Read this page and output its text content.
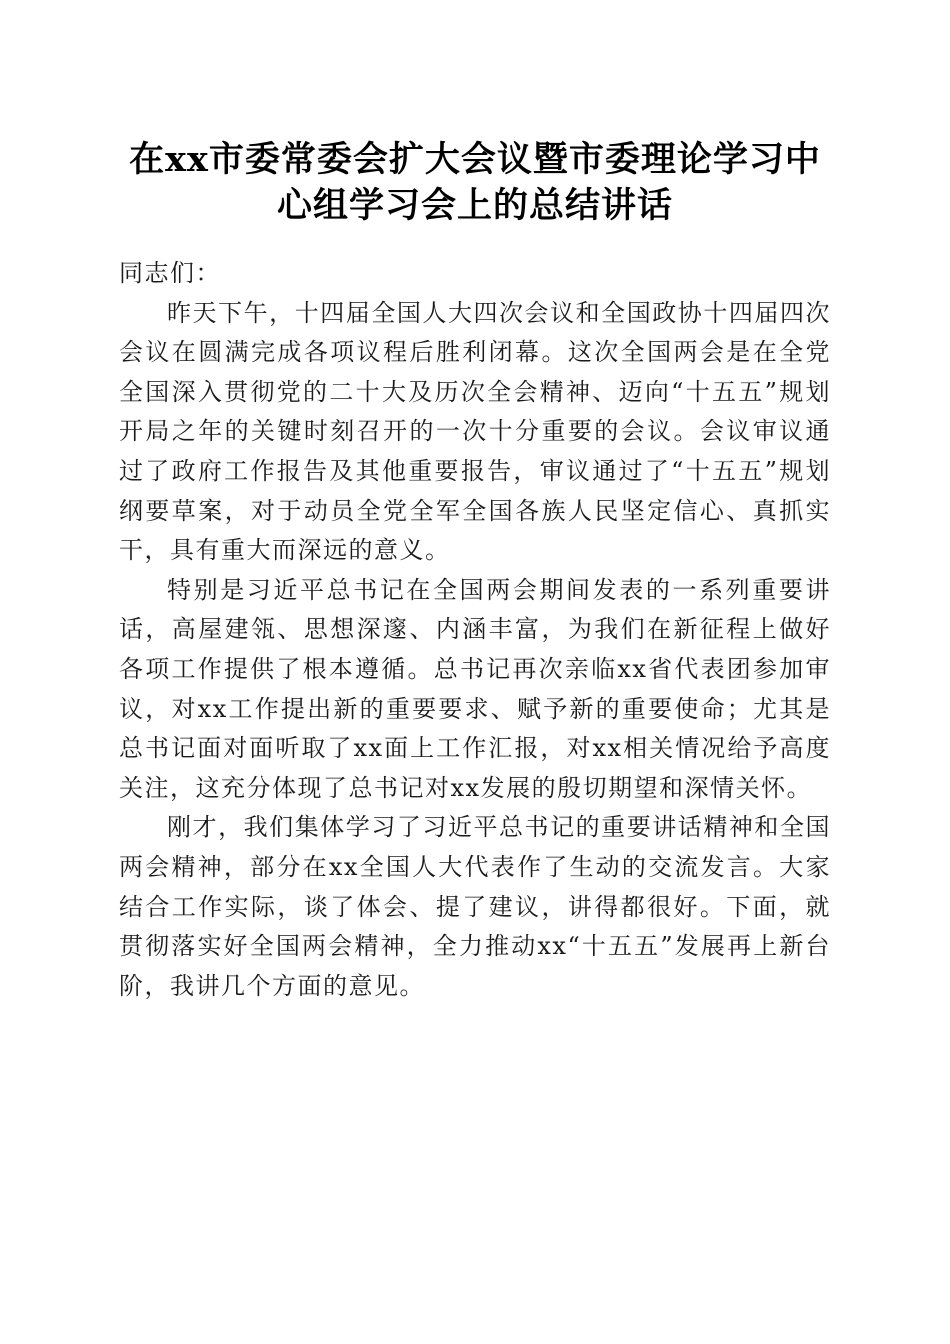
在xx市委常委会扩大会议暨市委理论学习中
心组学习会上的总结讲话

同志们：

昨天下午，十四届全国人大四次会议和全国政协十四届四次会议在圆满完成各项议程后胜利闭幕。这次全国两会是在全党全国深入贯彻党的二十大及历次全会精神、迈向“十五五”规划开局之年的关键时刻召开的一次十分重要的会议。会议审议通过了政府工作报告及其他重要报告，审议通过了“十五五”规划纲要草案，对于动员全党全军全国各族人民坚定信心、真抓实干，具有重大而深远的意义。

特别是习近平总书记在全国两会期间发表的一系列重要讲话，高屋建瓴、思想深邃、内涵丰富，为我们在新征程上做好各项工作提供了根本遵循。总书记再次亲临xx省代表团参加审议，对xx工作提出新的重要要求、赋予新的重要使命；尤其是总书记面对面听取了xx面上工作汇报，对xx相关情况给予高度关注，这充分体现了总书记对xx发展的殷切期望和深情关怀。

刚才，我们集体学习了习近平总书记的重要讲话精神和全国两会精神，部分在xx全国人大代表作了生动的交流发言。大家结合工作实际，谈了体会、提了建议，讲得都很好。下面，就贯彻落实好全国两会精神，全力推动xx“十五五”发展再上新台阶，我讲几个方面的意见。
